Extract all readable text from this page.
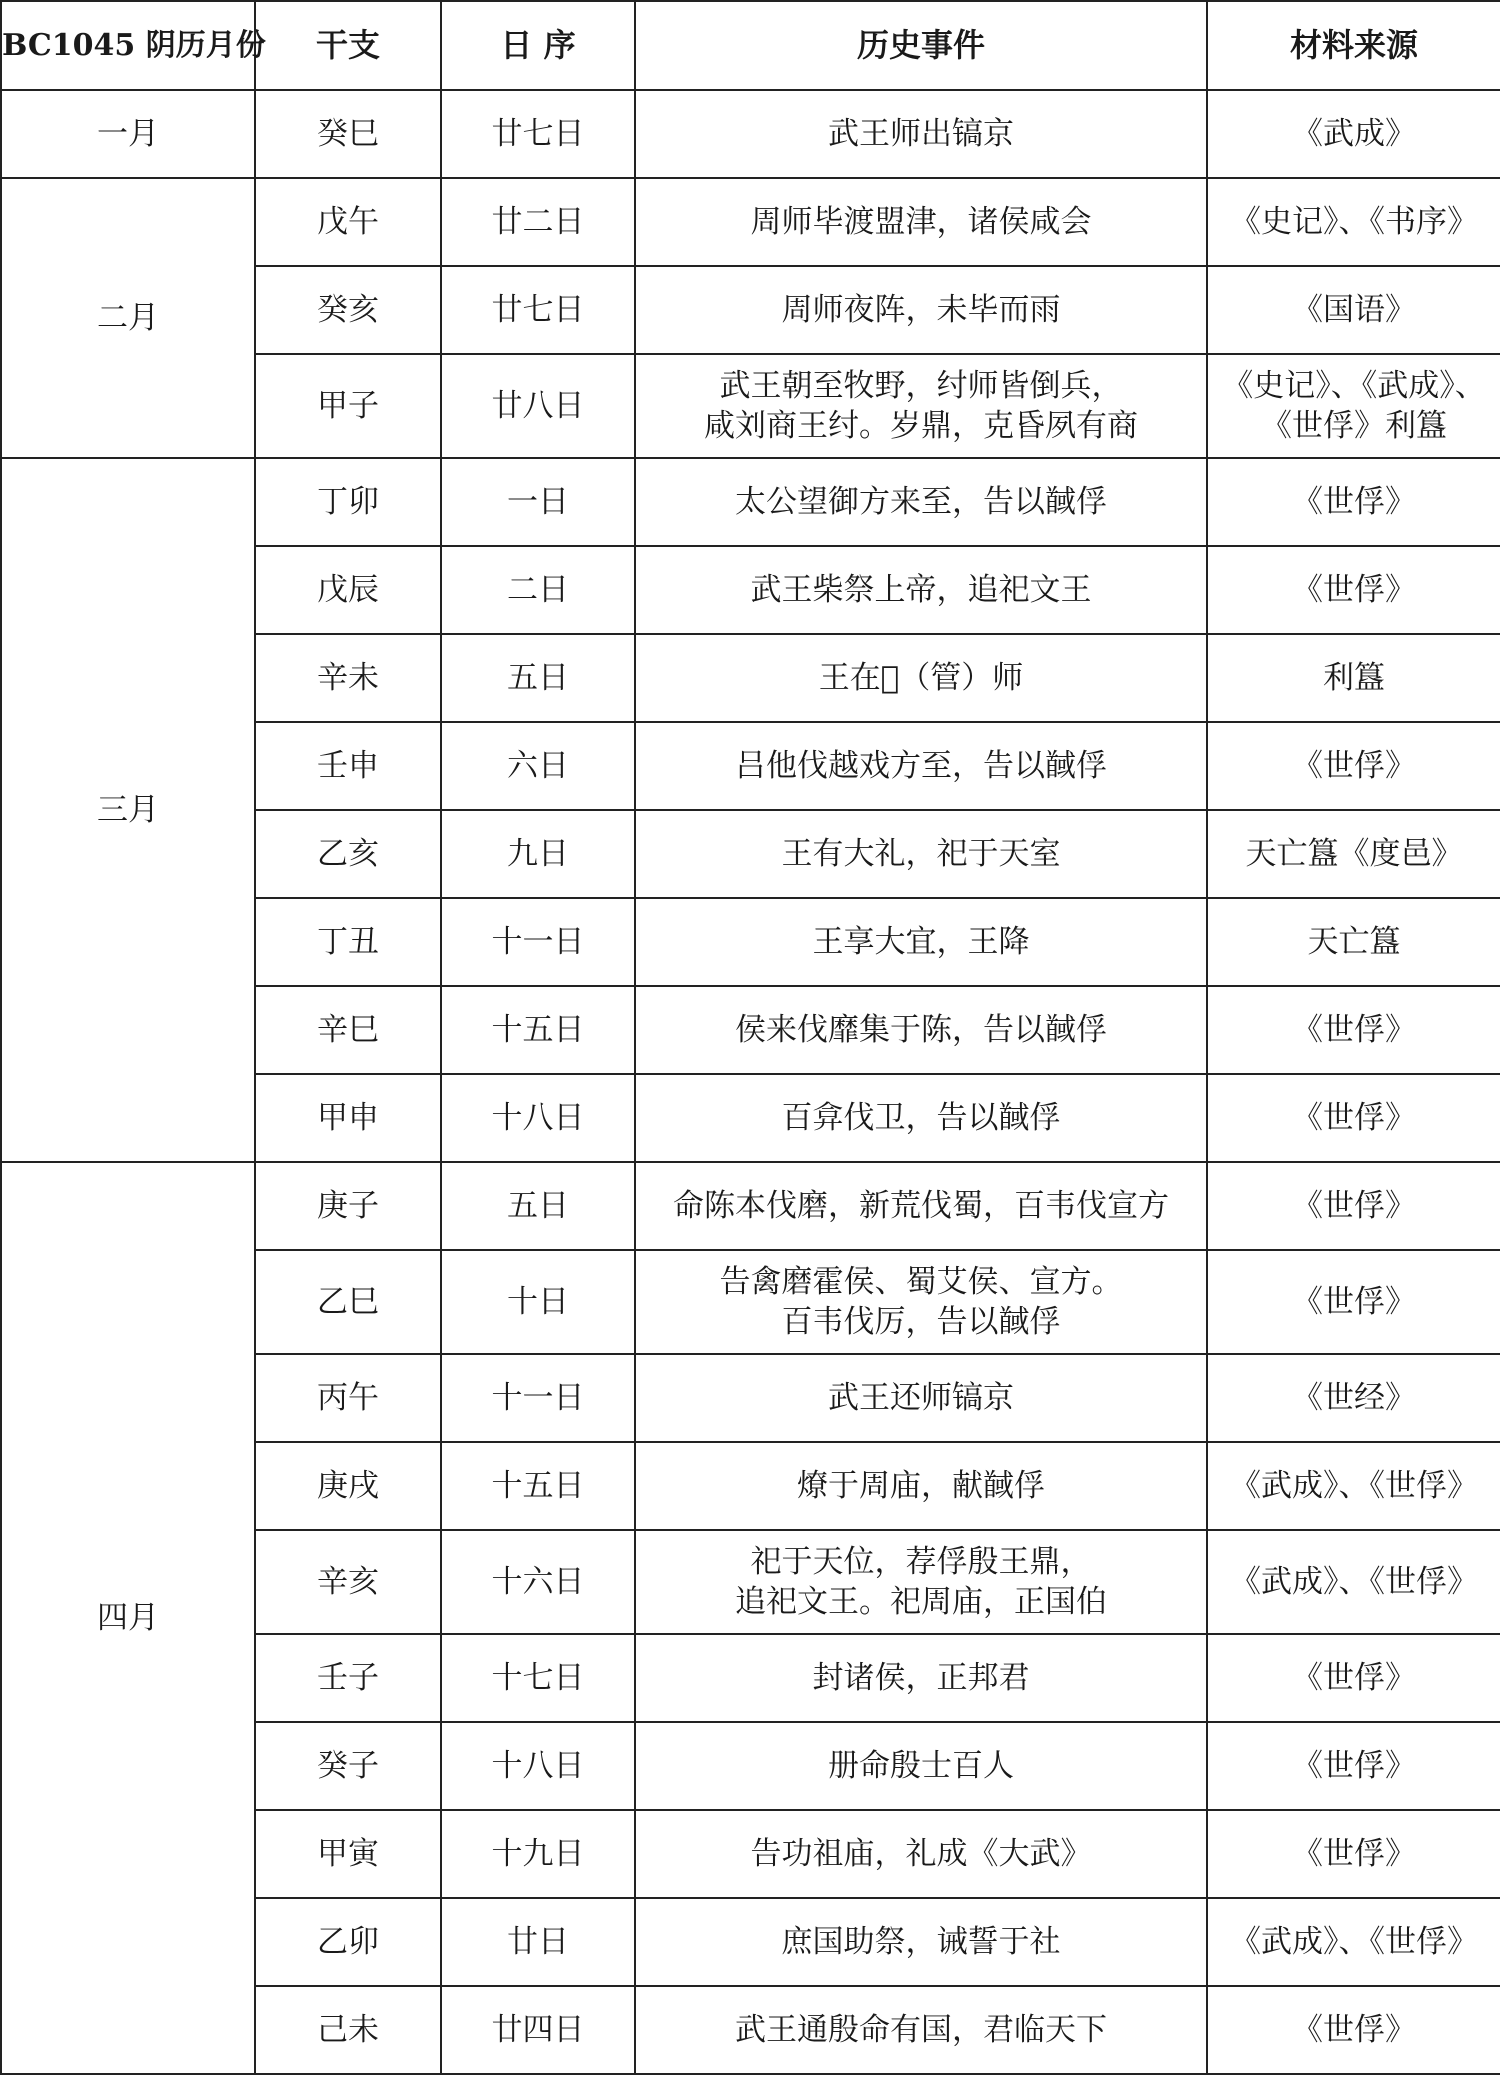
BC1045 阴历月份	干支	日 序	历史事件	材料来源
一月	癸巳	廿七日	武王师出镐京	《武成》

二月	戊午	廿二日	周师毕渡盟津，诸侯咸会	《史记》、《书序》

	癸亥	廿七日	周师夜阵，未毕而雨	《国语》

	甲子	廿八日	武王朝至牧野，纣师皆倒兵，
咸刘商王纣。岁鼎，克昏夙有商	《史记》、《武成》、
《世俘》利簋

三月	丁卯	一日	太公望御方来至，告以馘俘	《世俘》

	戊辰	二日	武王柴祭上帝，追祀文王	《世俘》

	辛未	五日	王在𫊸（管）师	利簋

	壬申	六日	吕他伐越戏方至，告以馘俘	《世俘》

	乙亥	九日	王有大礼，祀于天室	天亡簋《度邑》

	丁丑	十一日	王享大宜，王降	天亡簋

	辛巳	十五日	侯来伐靡集于陈，告以馘俘	《世俘》

	甲申	十八日	百弇伐卫，告以馘俘	《世俘》

四月	庚子	五日	命陈本伐磨，新荒伐蜀，百韦伐宣方	《世俘》

	乙巳	十日	告禽磨霍侯、蜀艾侯、宣方。
百韦伐厉，告以馘俘	《世俘》

	丙午	十一日	武王还师镐京	《世经》

	庚戌	十五日	燎于周庙，献馘俘	《武成》、《世俘》

	辛亥	十六日	祀于天位，荐俘殷王鼎，
追祀文王。祀周庙，正国伯	《武成》、《世俘》

	壬子	十七日	封诸侯，正邦君	《世俘》

	癸子	十八日	册命殷士百人	《世俘》

	甲寅	十九日	告功祖庙，礼成《大武》	《世俘》

	乙卯	廿日	庶国助祭，诫誓于社	《武成》、《世俘》

	己未	廿四日	武王通殷命有国，君临天下	《世俘》
